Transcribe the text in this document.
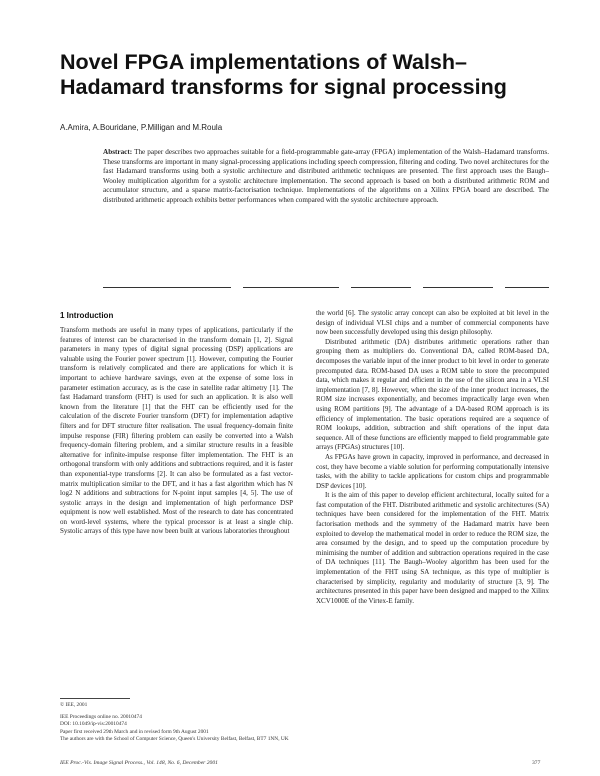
Novel FPGA implementations of Walsh–Hadamard transforms for signal processing
A.Amira, A.Bouridane, P.Milligan and M.Roula
Abstract: The paper describes two approaches suitable for a field-programmable gate-array (FPGA) implementation of the Walsh–Hadamard transforms. These transforms are important in many signal-processing applications including speech compression, filtering and coding. Two novel architectures for the fast Hadamard transforms using both a systolic architecture and distributed arithmetic techniques are presented. The first approach uses the Baugh–Wooley multiplication algorithm for a systolic architecture implementation. The second approach is based on both a distributed arithmetic ROM and accumulator structure, and a sparse matrix-factorisation technique. Implementations of the algorithms on a Xilinx FPGA board are described. The distributed arithmetic approach exhibits better performances when compared with the systolic architecture approach.
1 Introduction

Transform methods are useful in many types of applications, particularly if the features of interest can be characterised in the transform domain [1, 2]. Signal parameters in many types of digital signal processing (DSP) applications are valuable using the Fourier power spectrum [1]. However, computing the Fourier transform is relatively complicated and there are applications for which it is important to achieve hardware savings, even at the expense of some loss in parameter estimation accuracy, as is the case in satellite radar altimetry [1]. The fast Hadamard transform (FHT) is used for such an application. It is also well known from the literature [1] that the FHT can be efficiently used for the calculation of the discrete Fourier transform (DFT) for implementation adaptive filters and for DFT structure filter realisation. The usual frequency-domain finite impulse response (FIR) filtering problem can easily be converted into a Walsh frequency-domain filtering problem, and a similar structure results in a feasible alternative for infinite-impulse response filter implementation. The FHT is an orthogonal transform with only additions and subtractions required, and it is faster than exponential-type transforms [2]. It can also be formulated as a fast vector-matrix multiplication similar to the DFT, and it has a fast algorithm which has N log2 N additions and subtractions for N-point input samples [4, 5]. The use of systolic arrays in the design and implementation of high performance DSP equipment is now well established. Most of the research to date has concentrated on word-level systems, where the typical processor is at least a single chip. Systolic arrays of this type have now been built at various laboratories throughout

the world [6]. The systolic array concept can also be exploited at bit level in the design of individual VLSI chips and a number of commercial components have now been successfully developed using this design philosophy.

Distributed arithmetic (DA) distributes arithmetic operations rather than grouping them as multipliers do. Conventional DA, called ROM-based DA, decomposes the variable input of the inner product to bit level in order to generate precomputed data. ROM-based DA uses a ROM table to store the precomputed data, which makes it regular and efficient in the use of the silicon area in a VLSI implementation [7, 8]. However, when the size of the inner product increases, the ROM size increases exponentially, and becomes impractically large even when using ROM partitions [9]. The advantage of a DA-based ROM approach is its efficiency of implementation. The basic operations required are a sequence of ROM lookups, addition, subtraction and shift operations of the input data sequence. All of these functions are efficiently mapped to field programmable gate arrays (FPGAs) structures [10].

As FPGAs have grown in capacity, improved in performance, and decreased in cost, they have become a viable solution for performing computationally intensive tasks, with the ability to tackle applications for custom chips and programmable DSP devices [10].

It is the aim of this paper to develop efficient architectural, locally suited for a fast computation of the FHT. Distributed arithmetic and systolic architectures (SA) techniques have been considered for the implementation of the FHT. Matrix factorisation methods and the symmetry of the Hadamard matrix have been exploited to develop the mathematical model in order to reduce the ROM size, the area consumed by the design, and to speed up the computation procedure by minimising the number of addition and subtraction operations required in the case of DA techniques [11]. The Baugh–Wooley algorithm has been used for the implementation of the FHT using SA technique, as this type of multiplier is characterised by simplicity, regularity and modularity of structure [3, 9]. The architectures presented in this paper have been designed and mapped to the Xilinx XCV1000E of the Virtex-E family.

© IEE, 2001
IEE Proceedings online no. 20010474
DOI: 10.1049/ip-vis:20010474
Paper first received 29th March and in revised form 9th August 2001
The authors are with the School of Computer Science, Queen's University Belfast, Belfast, BT7 1NN, UK
IEE Proc.-Vis. Image Signal Process., Vol. 148, No. 6, December 2001	377
